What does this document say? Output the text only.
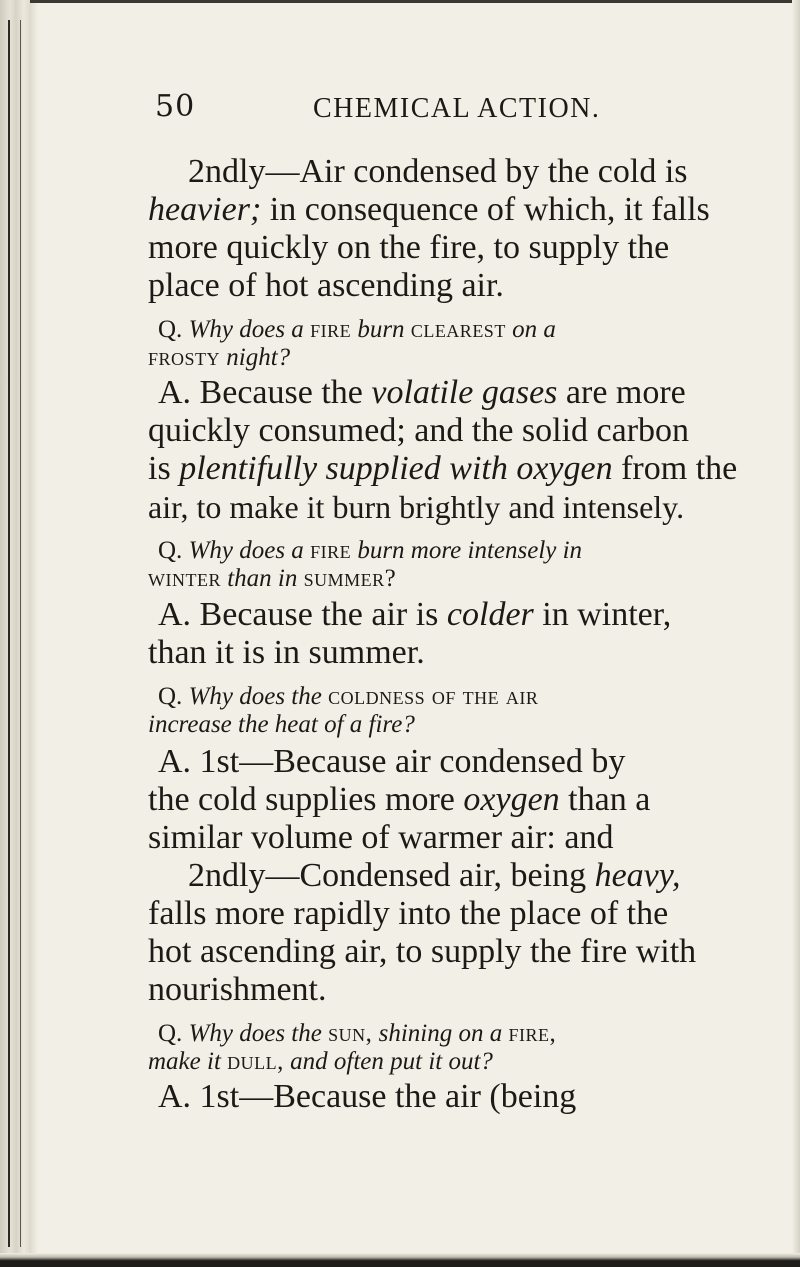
50	CHEMICAL ACTION.
2ndly—Air condensed by the cold is
heavier; in consequence of which, it falls
more quickly on the fire, to supply the
place of hot ascending air.
Q. Why does a fire burn clearest on a
frosty night?
A. Because the volatile gases are more
quickly consumed; and the solid carbon
is plentifully supplied with oxygen from the
air, to make it burn brightly and intensely.
Q. Why does a fire burn more intensely in
winter than in summer?
A. Because the air is colder in winter,
than it is in summer.
Q. Why does the coldness of the air
increase the heat of a fire?
A. 1st—Because air condensed by
the cold supplies more oxygen than a
similar volume of warmer air: and
2ndly—Condensed air, being heavy,
falls more rapidly into the place of the
hot ascending air, to supply the fire with
nourishment.
Q. Why does the sun, shining on a fire,
make it dull, and often put it out?
A. 1st—Because the air (being
